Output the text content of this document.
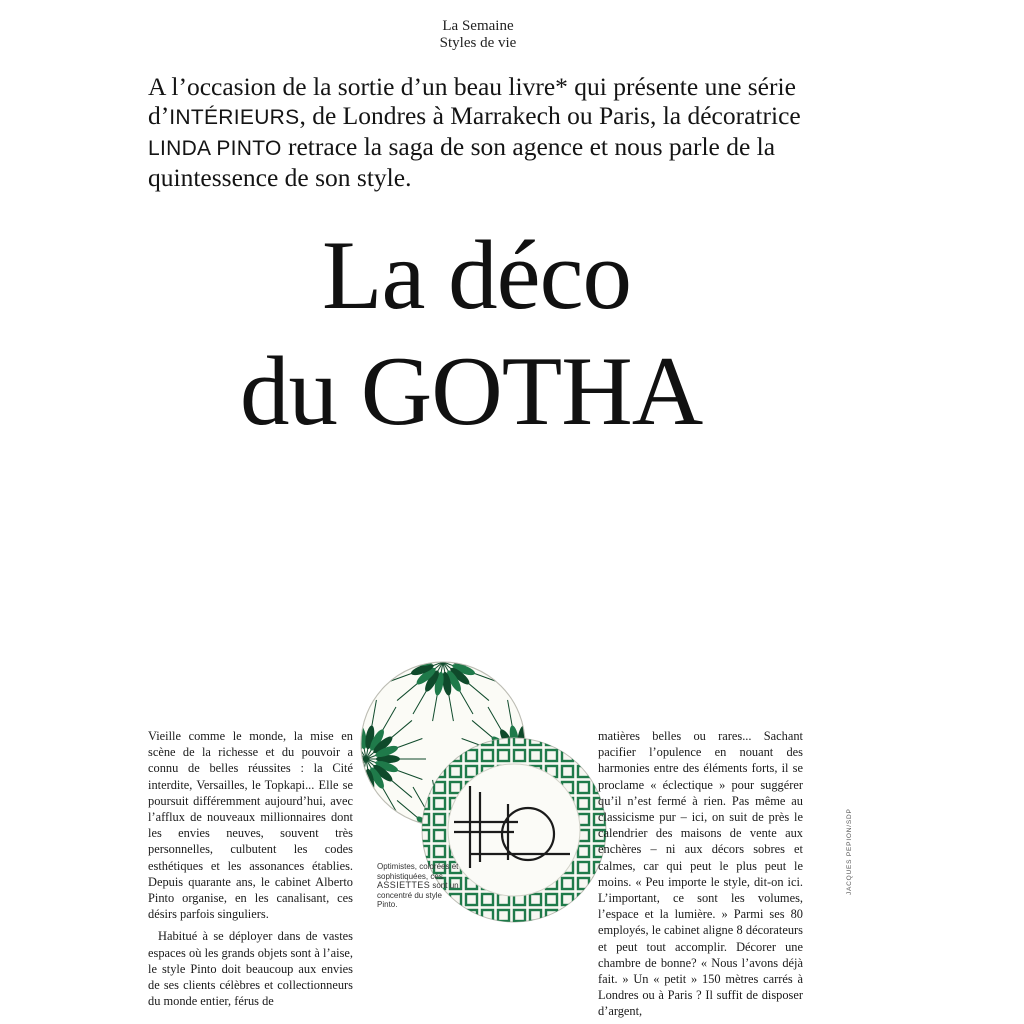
La Semaine
Styles de vie
A l’occasion de la sortie d’un beau livre* qui présente une série d’INTÉRIEURS, de Londres à Marrakech ou Paris, la décoratrice LINDA PINTO retrace la saga de son agence et nous parle de la quintessence de son style.
La déco
du GOTHA

Vieille comme le monde, la mise en scène de la richesse et du pouvoir a connu de belles réussites : la Cité interdite, Versailles, le Topkapi... Elle se poursuit différemment aujourd’hui, avec l’afflux de nouveaux millionnaires dont les envies neuves, souvent très personnelles, culbutent les codes esthétiques et les assonances établies. Depuis quarante ans, le cabinet Alberto Pinto organise, en les canalisant, ces désirs parfois singuliers.

Habitué à se déployer dans de vastes espaces où les grands objets sont à l’aise, le style Pinto doit beaucoup aux envies de ses clients célèbres et collectionneurs du monde entier, férus de

Optimistes, colorées et sophistiquées, ces ASSIETTES sont un concentré du style Pinto.

matières belles ou rares... Sachant pacifier l’opulence en nouant des harmonies entre des éléments forts, il se proclame « éclectique » pour suggérer qu’il n’est fermé à rien. Pas même au classicisme pur – ici, on suit de près le calendrier des maisons de vente aux enchères – ni aux décors sobres et calmes, car qui peut le plus peut le moins. « Peu importe le style, dit-on ici. L’important, ce sont les volumes, l’espace et la lumière. » Parmi ses 80 employés, le cabinet aligne 8 décorateurs et peut tout accomplir. Décorer une chambre de bonne? « Nous l’avons déjà fait. » Un « petit » 150 mètres carrés à Londres ou à Paris ? Il suffit de disposer d’argent,

JACQUES PEPION/SDP
